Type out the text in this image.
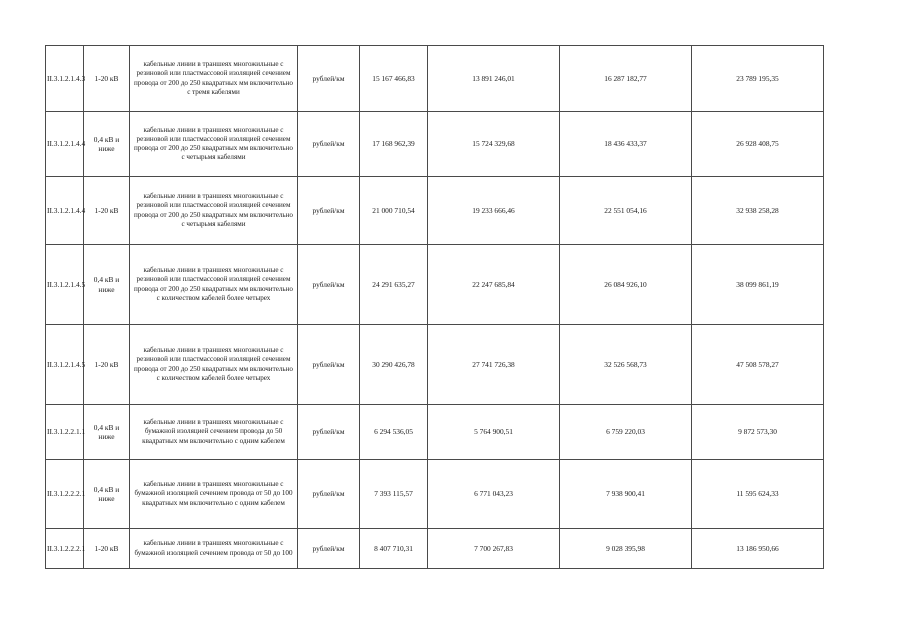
II.3.1.2.1.4.3	1-20 кВ	кабельные линии в траншеях многожильные с резиновой или пластмассовой изоляцией сечением провода от 200 до 250 квадратных мм включительно с тремя кабелями	рублей/км	15 167 466,83	13 891 246,01	16 287 182,77	23 789 195,35
II.3.1.2.1.4.4	0,4 кВ и ниже	кабельные линии в траншеях многожильные с резиновой или пластмассовой изоляцией сечением провода от 200 до 250 квадратных мм включительно с четырьмя кабелями	рублей/км	17 168 962,39	15 724 329,68	18 436 433,37	26 928 408,75
II.3.1.2.1.4.4	1-20 кВ	кабельные линии в траншеях многожильные с резиновой или пластмассовой изоляцией сечением провода от 200 до 250 квадратных мм включительно с четырьмя кабелями	рублей/км	21 000 710,54	19 233 666,46	22 551 054,16	32 938 258,28
II.3.1.2.1.4.5	0,4 кВ и ниже	кабельные линии в траншеях многожильные с резиновой или пластмассовой изоляцией сечением провода от 200 до 250 квадратных мм включительно с количеством кабелей более четырех	рублей/км	24 291 635,27	22 247 685,84	26 084 926,10	38 099 861,19
II.3.1.2.1.4.5	1-20 кВ	кабельные линии в траншеях многожильные с резиновой или пластмассовой изоляцией сечением провода от 200 до 250 квадратных мм включительно с количеством кабелей более четырех	рублей/км	30 290 426,78	27 741 726,38	32 526 568,73	47 508 578,27
II.3.1.2.2.1.1	0,4 кВ и ниже	кабельные линии в траншеях многожильные с бумажной изоляцией сечением провода до 50 квадратных мм включительно с одним кабелем	рублей/км	6 294 536,05	5 764 900,51	6 759 220,03	9 872 573,30
II.3.1.2.2.2.1	0,4 кВ и ниже	кабельные линии в траншеях многожильные с бумажной изоляцией сечением провода от 50 до 100 квадратных мм включительно с одним кабелем	рублей/км	7 393 115,57	6 771 043,23	7 938 900,41	11 595 624,33
II.3.1.2.2.2.1	1-20 кВ	кабельные линии в траншеях многожильные с бумажной изоляцией сечением провода от 50 до 100	рублей/км	8 407 710,31	7 700 267,83	9 028 395,98	13 186 950,66
